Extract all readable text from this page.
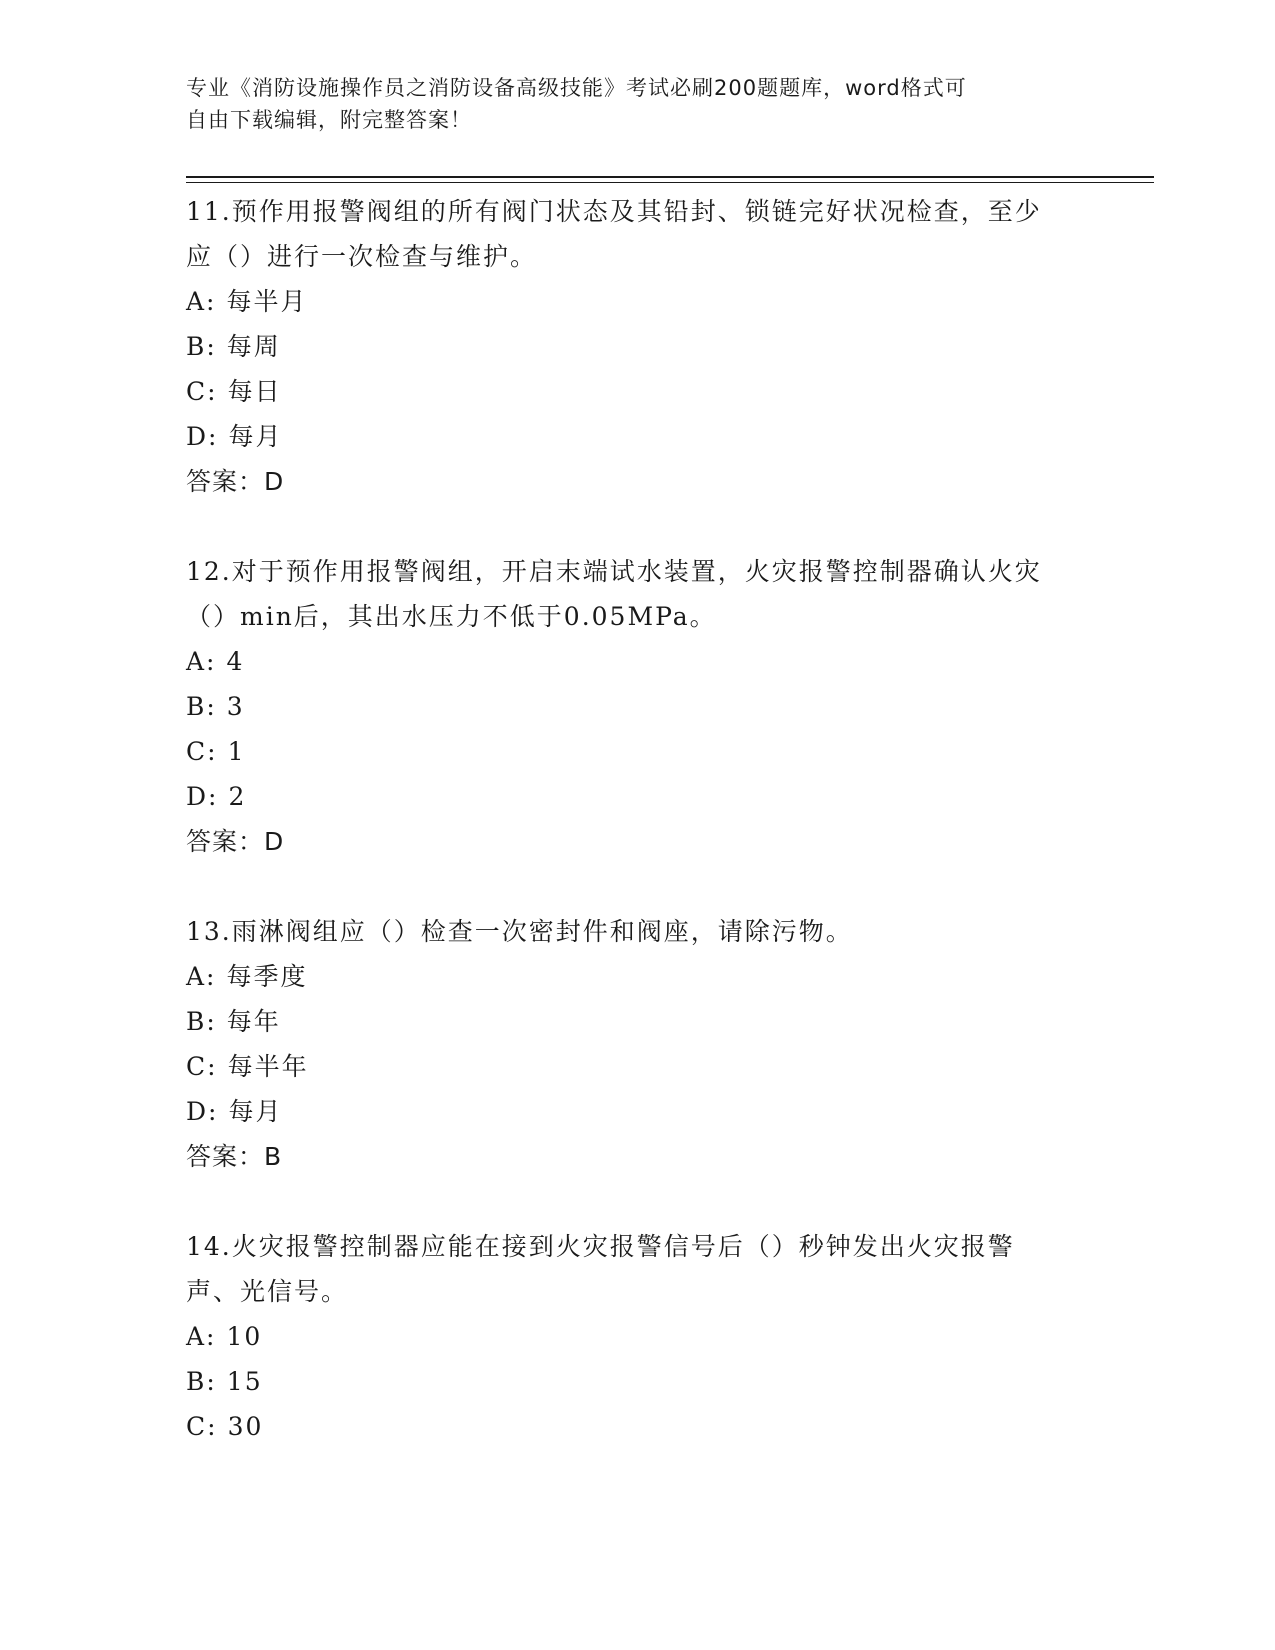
专业《消防设施操作员之消防设备高级技能》考试必刷200题题库，word格式可
自由下载编辑，附完整答案！
11.预作用报警阀组的所有阀门状态及其铅封、锁链完好状况检查，至少应（）进行一次检查与维护。
A: 每半月
B: 每周
C: 每日
D: 每月
答案：D
12.对于预作用报警阀组，开启末端试水装置，火灾报警控制器确认火灾（）min后，其出水压力不低于0.05MPa。
A: 4
B: 3
C: 1
D: 2
答案：D
13.雨淋阀组应（）检查一次密封件和阀座，请除污物。
A: 每季度
B: 每年
C: 每半年
D: 每月
答案：B
14.火灾报警控制器应能在接到火灾报警信号后（）秒钟发出火灾报警声、光信号。
A: 10
B: 15
C: 30
